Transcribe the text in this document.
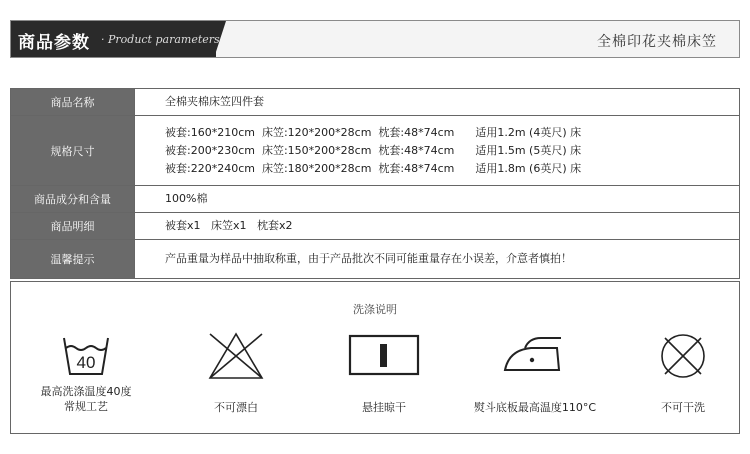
商品参数 · Product parameters	全棉印花夹棉床笠
商品名称	全棉夹棉床笠四件套

规格尺寸	被套:160*210cm  床笠:120*200*28cm  枕套:48*74cm      适用1.2m (4英尺) 床
被套:200*230cm  床笠:150*200*28cm  枕套:48*74cm      适用1.5m (5英尺) 床
被套:220*240cm  床笠:180*200*28cm  枕套:48*74cm      适用1.8m (6英尺) 床

商品成分和含量	100%棉

商品明细	被套x1   床笠x1   枕套x2

温馨提示	产品重量为样品中抽取称重，由于产品批次不同可能重量存在小误差，介意者慎拍！
洗涤说明
40
最高洗涤温度40度
常规工艺	不可漂白	悬挂晾干	熨斗底板最高温度110°C	不可干洗
